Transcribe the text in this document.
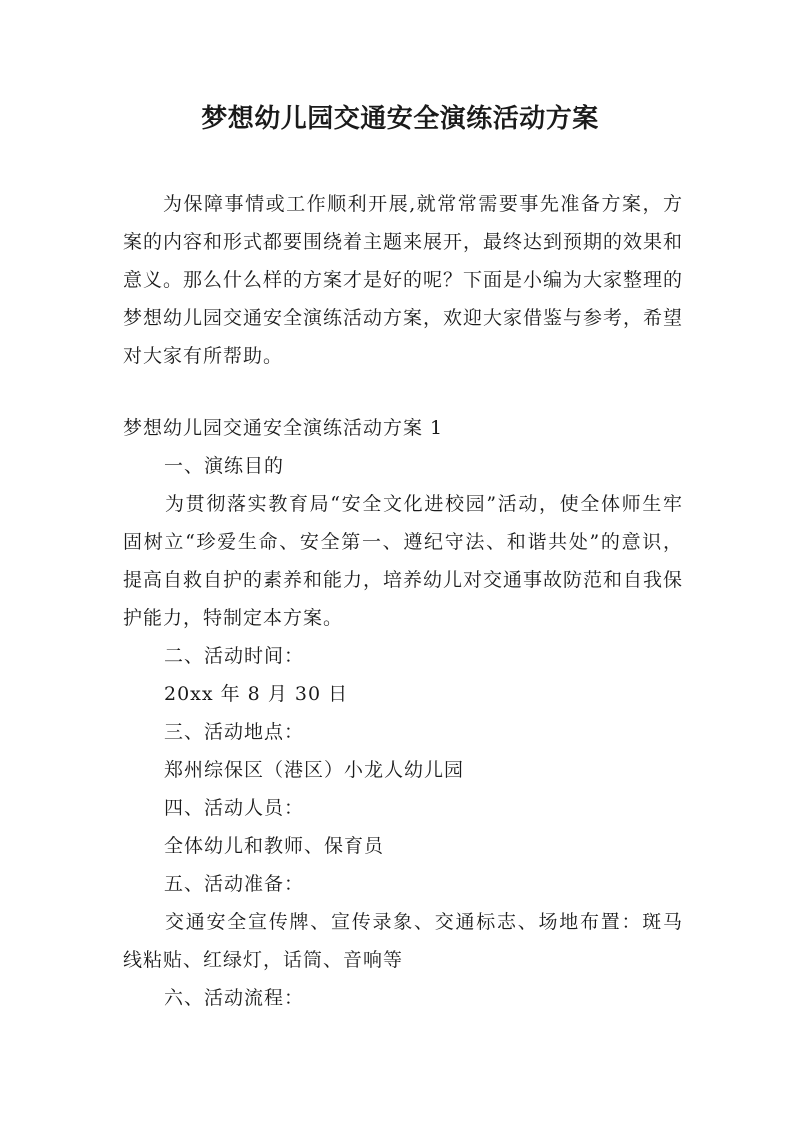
梦想幼儿园交通安全演练活动方案

为保障事情或工作顺利开展,就常常需要事先准备方案，方案的内容和形式都要围绕着主题来展开，最终达到预期的效果和意义。那么什么样的方案才是好的呢？下面是小编为大家整理的梦想幼儿园交通安全演练活动方案，欢迎大家借鉴与参考，希望对大家有所帮助。

梦想幼儿园交通安全演练活动方案 1
一、演练目的

为贯彻落实教育局“安全文化进校园”活动，使全体师生牢固树立“珍爱生命、安全第一、遵纪守法、和谐共处”的意识，提高自救自护的素养和能力，培养幼儿对交通事故防范和自我保护能力，特制定本方案。

二、活动时间：
20xx 年 8 月 30 日
三、活动地点：
郑州综保区（港区）小龙人幼儿园
四、活动人员：
全体幼儿和教师、保育员
五、活动准备：

交通安全宣传牌、宣传录象、交通标志、场地布置：斑马线粘贴、红绿灯，话筒、音响等

六、活动流程：
